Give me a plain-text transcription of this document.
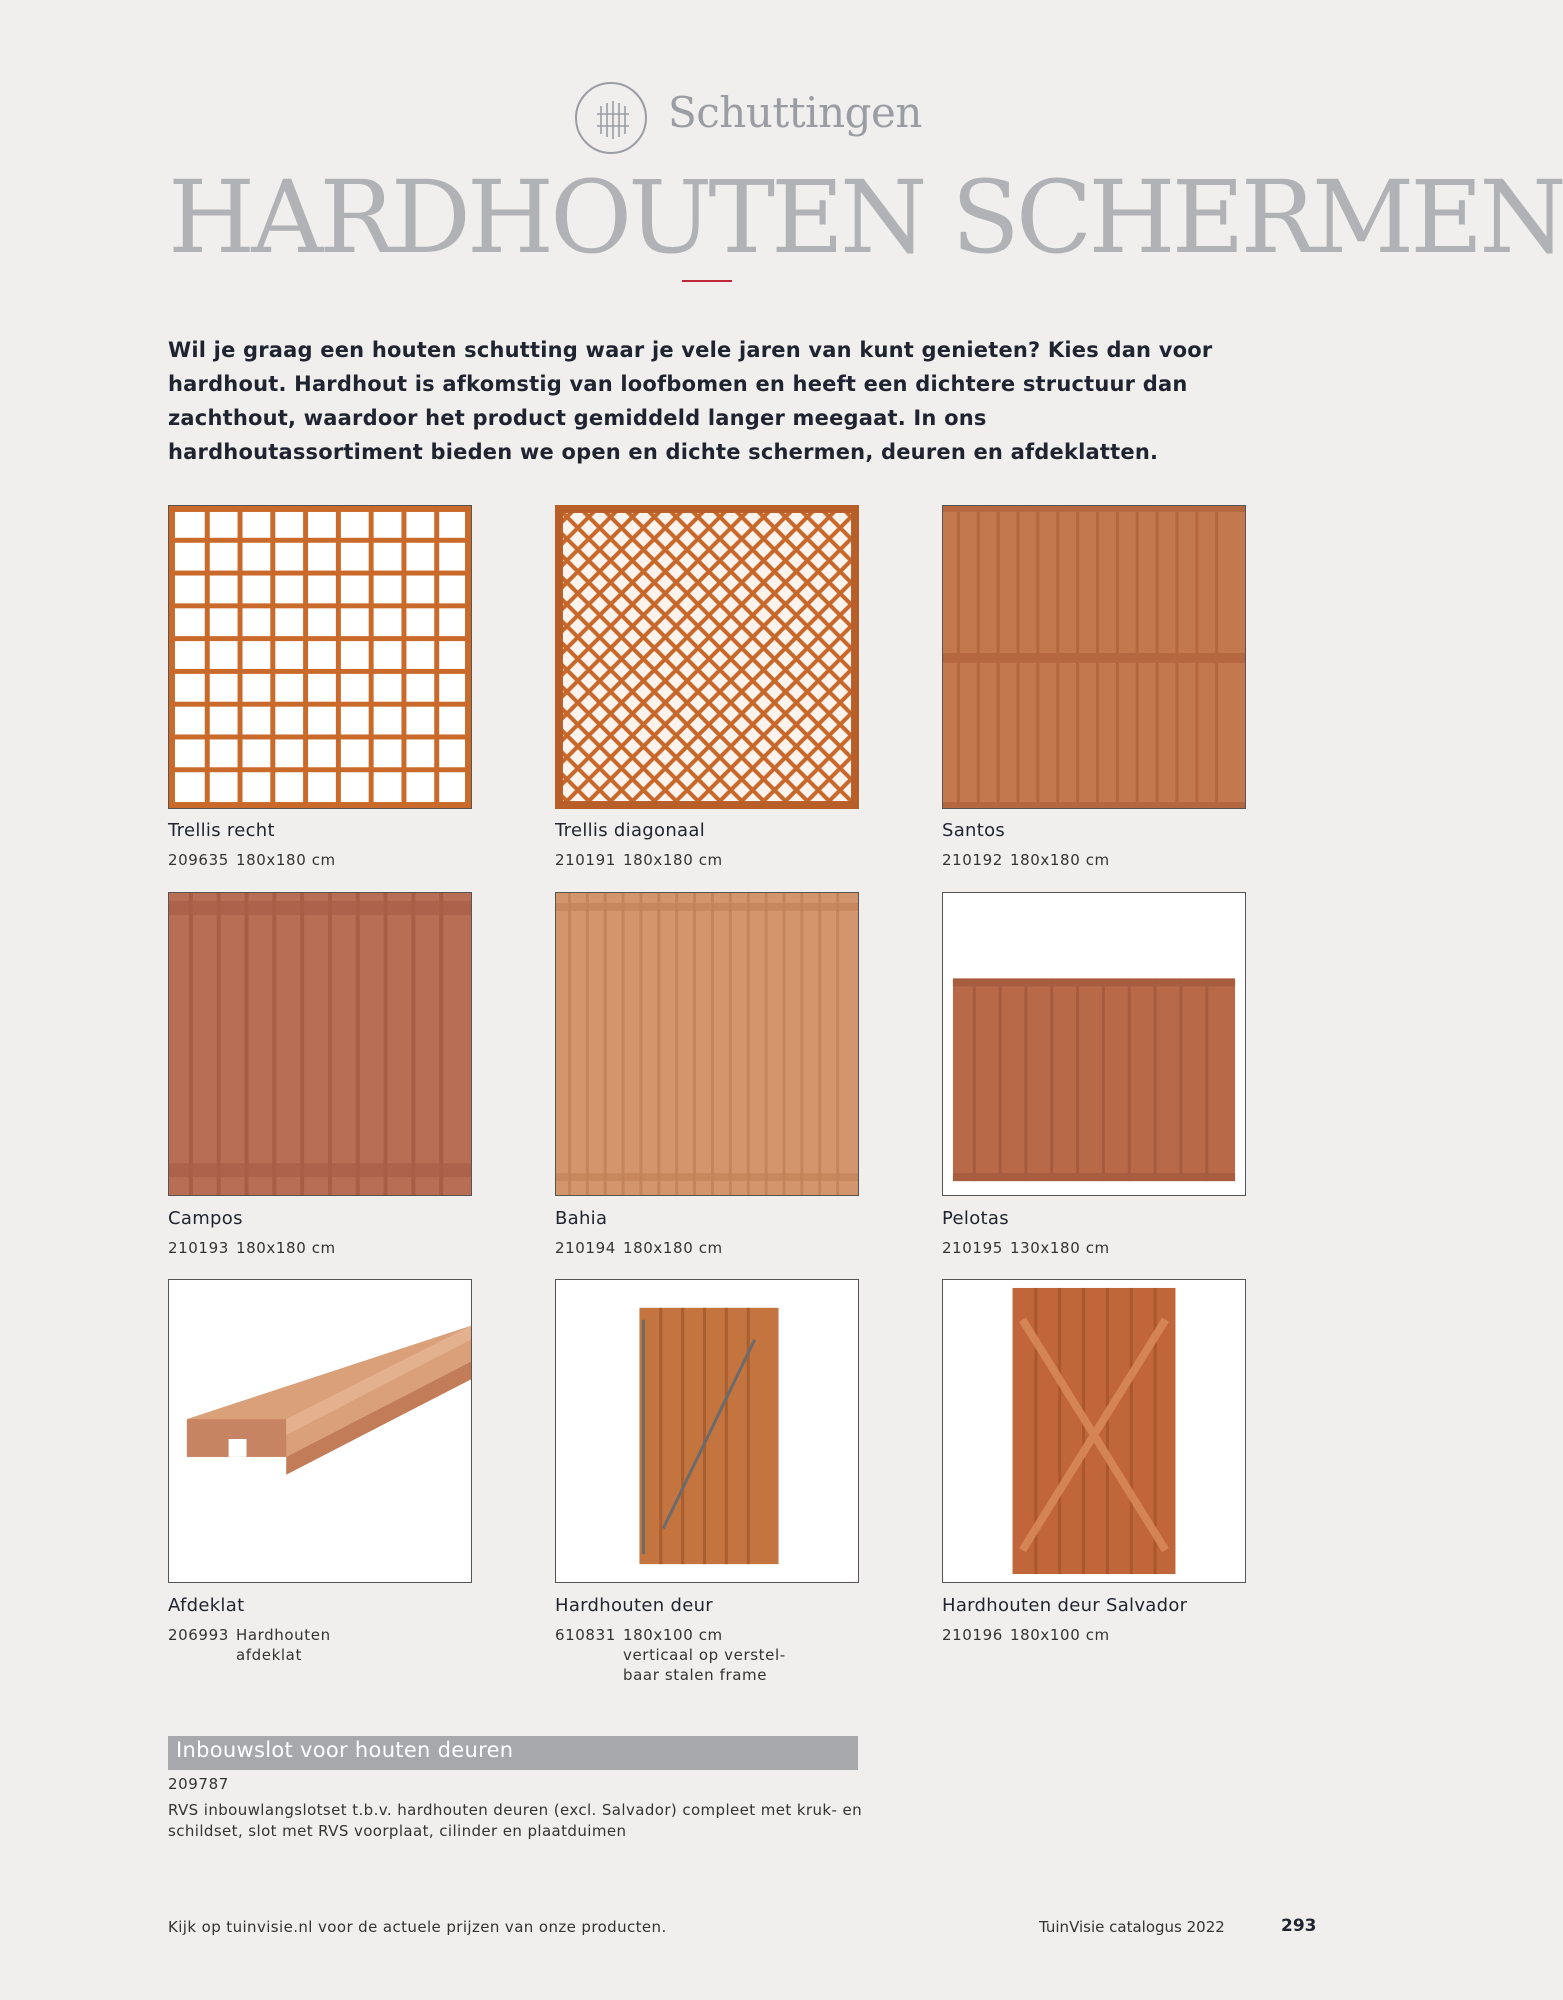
Schuttingen
HARDHOUTEN SCHERMEN
Wil je graag een houten schutting waar je vele jaren van kunt genieten? Kies dan voor hardhout. Hardhout is afkomstig van loofbomen en heeft een dichtere structuur dan zachthout, waardoor het product gemiddeld langer meegaat. In ons hardhoutassortiment bieden we open en dichte schermen, deuren en afdeklatten.
Trellis recht
209635 180x180 cm
Trellis diagonaal
210191 180x180 cm
Santos
210192 180x180 cm
Campos
210193 180x180 cm
Bahia
210194 180x180 cm
Pelotas
210195 130x180 cm
Afdeklat
206993 Hardhouten
afdeklat
Hardhouten deur
610831 180x100 cm
verticaal op verstel-
baar stalen frame
Hardhouten deur Salvador
210196 180x100 cm
Inbouwslot voor houten deuren
209787
RVS inbouwlangslotset t.b.v. hardhouten deuren (excl. Salvador) compleet met kruk- en schildset, slot met RVS voorplaat, cilinder en plaatduimen
Kijk op tuinvisie.nl voor de actuele prijzen van onze producten.	TuinVisie catalogus 2022	293
